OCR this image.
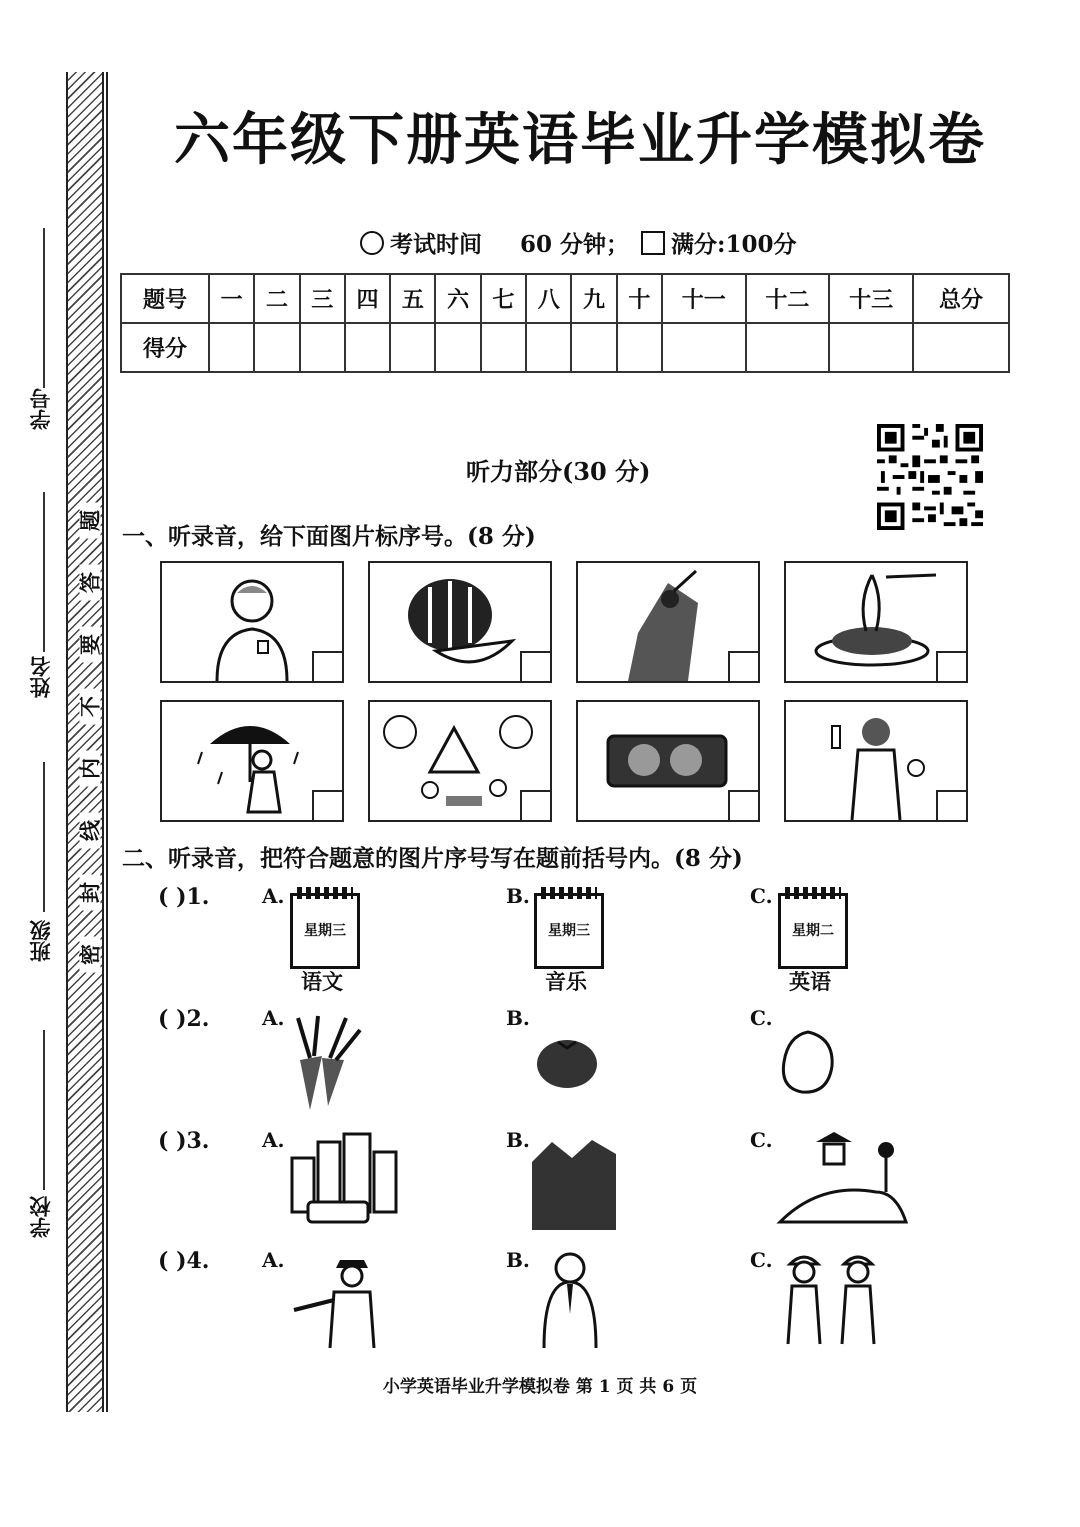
学号
姓名
班级
学校
题
答
要
不
内
线
封
密
六年级下册英语毕业升学模拟卷
考试时间 60 分钟； 满分:100分
题号	一	二	三	四	五	六	七	八	九	十	十一	十二	十三	总分
得分														
听力部分(30 分)
一、听录音，给下面图片标序号。(8 分)
二、听录音，把符合题意的图片序号写在题前括号内。(8 分)
( )1.	A.
星期三
语文
B.
星期三
音乐
C.
星期二
英语
( )2.	A.	B.	C.
( )3.	A.	B.	C.
( )4.	A.	B.	C.
小学英语毕业升学模拟卷 第 1 页 共 6 页
